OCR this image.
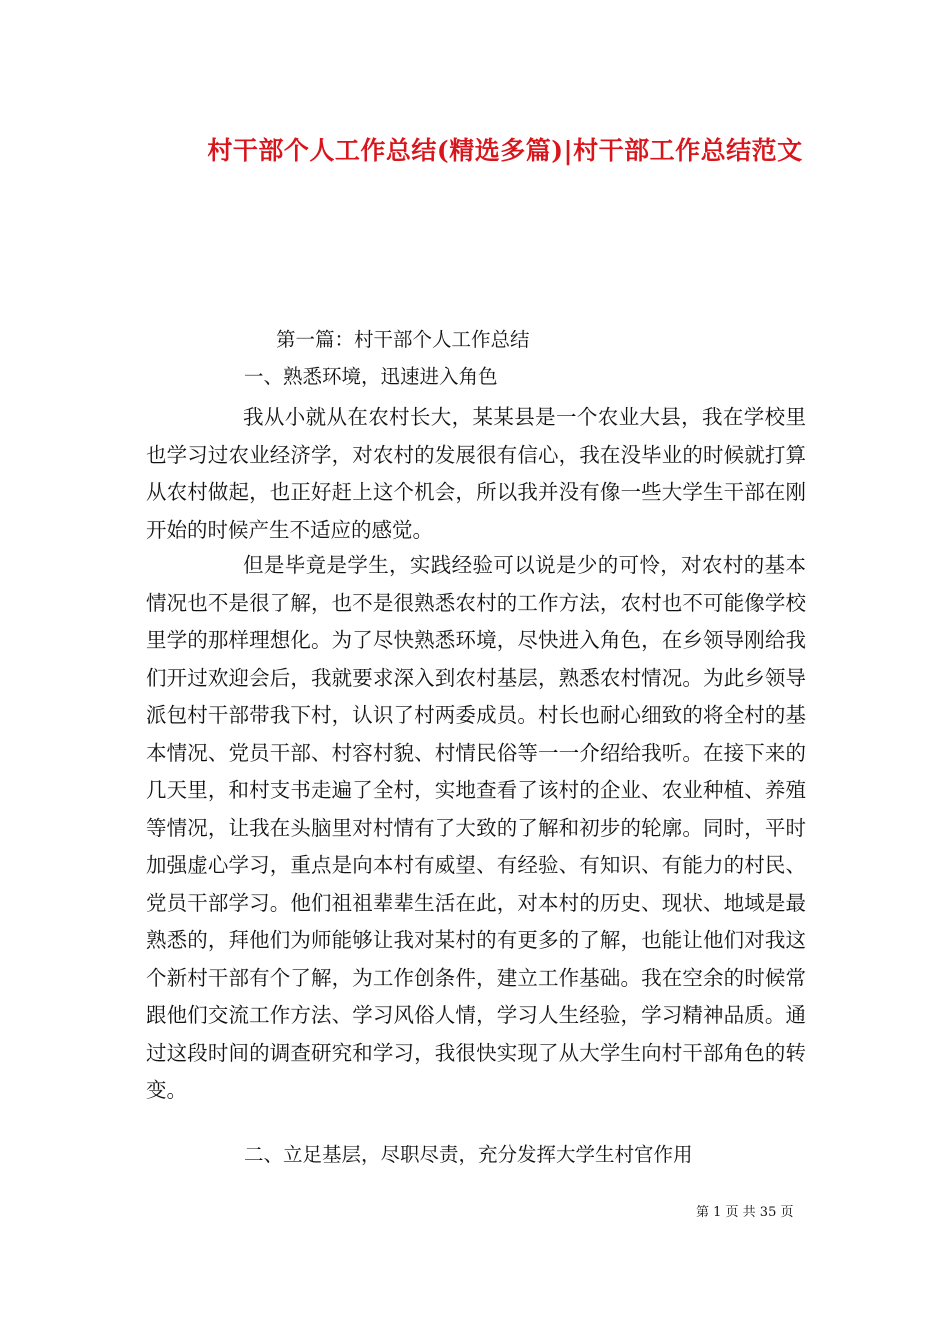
村干部个人工作总结(精选多篇)|村干部工作总结范文
第一篇：村干部个人工作总结
一、熟悉环境，迅速进入角色

我从小就从在农村长大，某某县是一个农业大县，我在学校里也学习过农业经济学，对农村的发展很有信心，我在没毕业的时候就打算从农村做起，也正好赶上这个机会，所以我并没有像一些大学生干部在刚开始的时候产生不适应的感觉。

但是毕竟是学生，实践经验可以说是少的可怜，对农村的基本情况也不是很了解，也不是很熟悉农村的工作方法，农村也不可能像学校里学的那样理想化。为了尽快熟悉环境，尽快进入角色，在乡领导刚给我们开过欢迎会后，我就要求深入到农村基层，熟悉农村情况。为此乡领导派包村干部带我下村，认识了村两委成员。村长也耐心细致的将全村的基本情况、党员干部、村容村貌、村情民俗等一一介绍给我听。在接下来的几天里，和村支书走遍了全村，实地查看了该村的企业、农业种植、养殖等情况，让我在头脑里对村情有了大致的了解和初步的轮廓。同时，平时加强虚心学习，重点是向本村有威望、有经验、有知识、有能力的村民、党员干部学习。他们祖祖辈辈生活在此，对本村的历史、现状、地域是最熟悉的，拜他们为师能够让我对某村的有更多的了解，也能让他们对我这个新村干部有个了解，为工作创条件，建立工作基础。我在空余的时候常跟他们交流工作方法、学习风俗人情，学习人生经验，学习精神品质。通过这段时间的调查研究和学习，我很快实现了从大学生向村干部角色的转变。

二、立足基层，尽职尽责，充分发挥大学生村官作用
第 1 页 共 35 页
